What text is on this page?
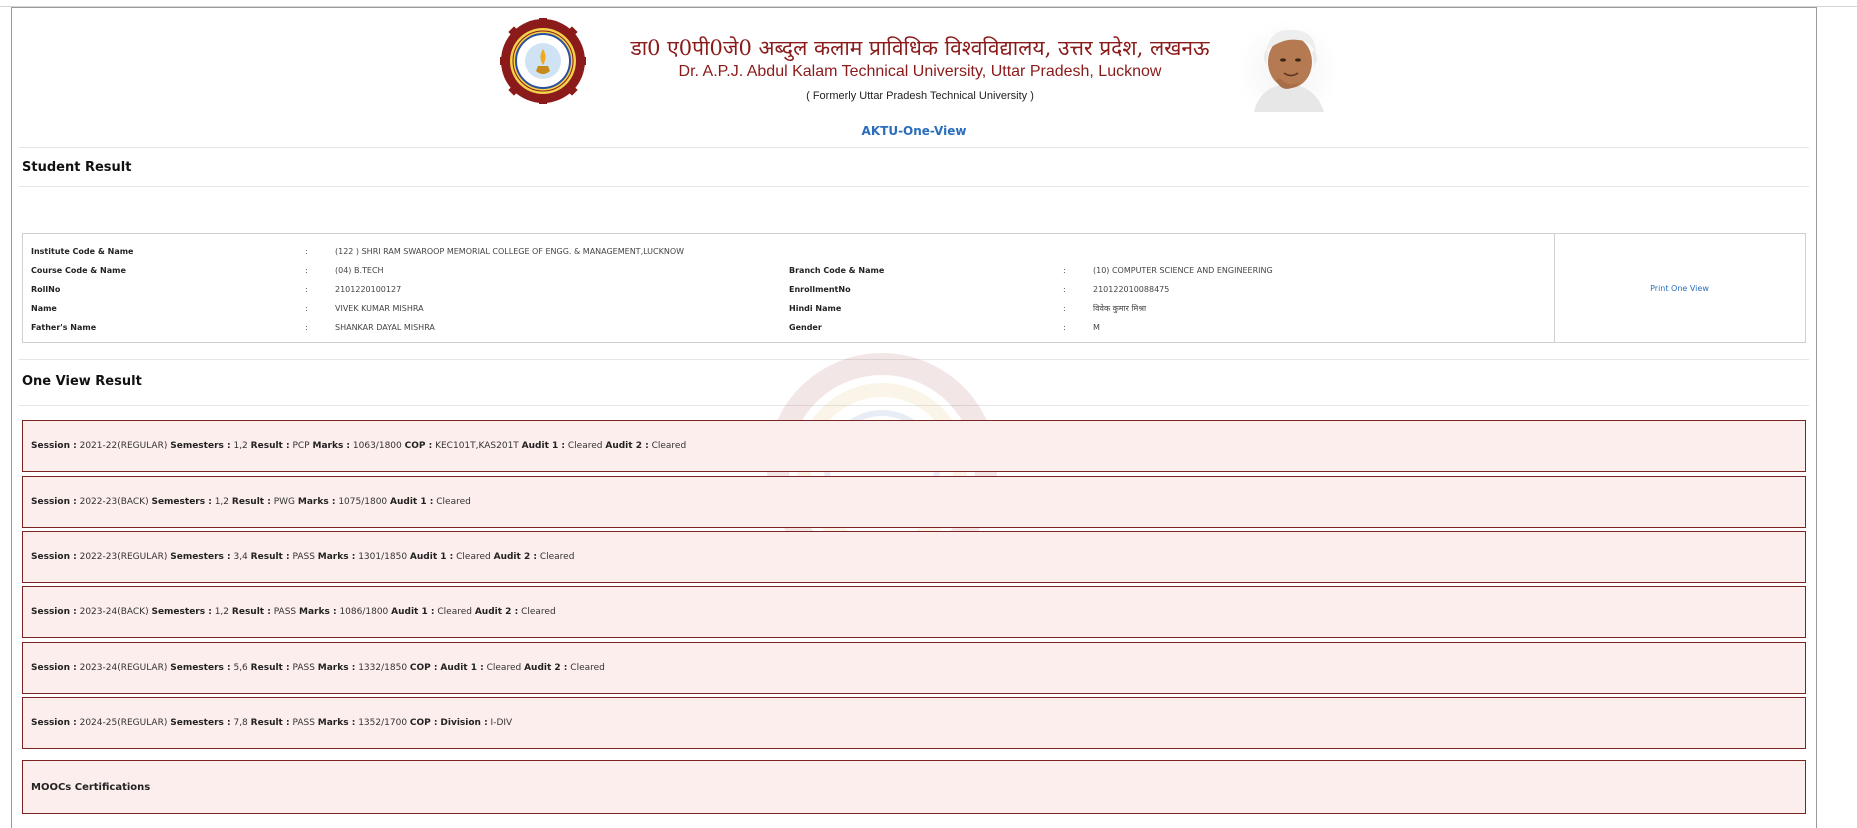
डा0 ए0पी0जे0 अब्दुल कलाम प्राविधिक विश्वविद्यालय, उत्तर प्रदेश, लखनऊ
Dr. A.P.J. Abdul Kalam Technical University, Uttar Pradesh, Lucknow
( Formerly Uttar Pradesh Technical University )
AKTU-One-View
Student Result
Institute Code & Name	:	(122 ) SHRI RAM SWAROOP MEMORIAL COLLEGE OF ENGG. & MANAGEMENT,LUCKNOW
Course Code & Name	:	(04) B.TECH	Branch Code & Name	:	(10) COMPUTER SCIENCE AND ENGINEERING
RollNo	:	2101220100127	EnrollmentNo	:	210122010088475
Name	:	VIVEK KUMAR MISHRA	Hindi Name	:	विवेक कुमार मिश्रा
Father's Name	:	SHANKAR DAYAL MISHRA	Gender	:	M
Print One View
One View Result
Session :
2021-22(REGULAR)
Semesters :
1,2
Result :
PCP
Marks :
1063/1800
COP :
KEC101T,KAS201T
Audit 1 :
Cleared
Audit 2 :
Cleared
Session :
2022-23(BACK)
Semesters :
1,2
Result :
PWG
Marks :
1075/1800
Audit 1 :
Cleared
Session :
2022-23(REGULAR)
Semesters :
3,4
Result :
PASS
Marks :
1301/1850
Audit 1 :
Cleared
Audit 2 :
Cleared
Session :
2023-24(BACK)
Semesters :
1,2
Result :
PASS
Marks :
1086/1800
Audit 1 :
Cleared
Audit 2 :
Cleared
Session :
2023-24(REGULAR)
Semesters :
5,6
Result :
PASS
Marks :
1332/1850
COP :
Audit 1 :
Cleared
Audit 2 :
Cleared
Session :
2024-25(REGULAR)
Semesters :
7,8
Result :
PASS
Marks :
1352/1700
COP :
Division :
I-DIV
MOOCs Certifications
